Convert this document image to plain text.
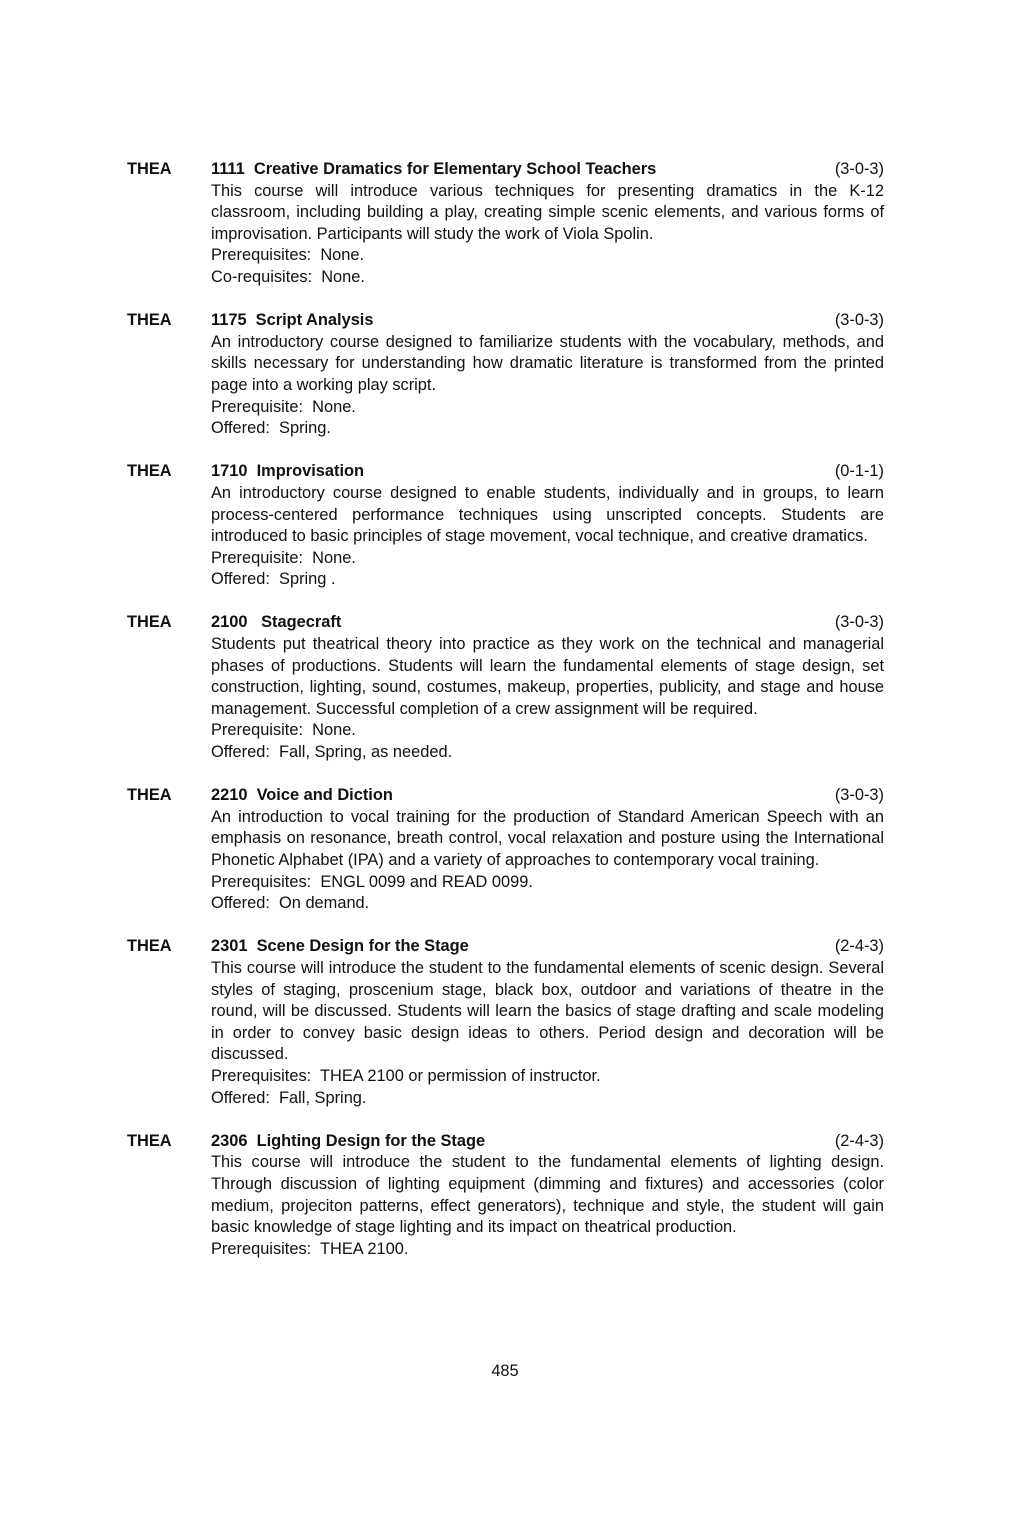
THEA 1111  Creative Dramatics for Elementary School Teachers	(3-0-3)

This course will introduce various techniques for presenting dramatics in the K-12 classroom, including building a play, creating simple scenic elements, and various forms of improvisation. Participants will study the work of Viola Spolin.

Prerequisites:  None.

Co-requisites:  None.

THEA 1175  Script Analysis	(3-0-3)

An introductory course designed to familiarize students with the vocabulary, methods, and skills necessary for understanding how dramatic literature is transformed from the printed page into a working play script.

Prerequisite:  None.

Offered:  Spring.

THEA 1710  Improvisation	(0-1-1)

An introductory course designed to enable students, individually and in groups, to learn process-centered performance techniques using unscripted concepts. Students are introduced to basic principles of stage movement, vocal technique, and creative dramatics.

Prerequisite:  None.

Offered:  Spring .

THEA 2100   Stagecraft	(3-0-3)

Students put theatrical theory into practice as they work on the technical and managerial phases of productions. Students will learn the fundamental elements of stage design, set construction, lighting, sound, costumes, makeup, properties, publicity, and stage and house management. Successful completion of a crew assignment will be required.

Prerequisite:  None.

Offered:  Fall, Spring, as needed.

THEA 2210  Voice and Diction	(3-0-3)

An introduction to vocal training for the production of Standard American Speech with an emphasis on resonance, breath control, vocal relaxation and posture using the International Phonetic Alphabet (IPA) and a variety of approaches to contemporary vocal training.

Prerequisites:  ENGL 0099 and READ 0099.

Offered:  On demand.

THEA 2301  Scene Design for the Stage	(2-4-3)

This course will introduce the student to the fundamental elements of scenic design. Several styles of staging, proscenium stage, black box, outdoor and variations of theatre in the round, will be discussed. Students will learn the basics of stage drafting and scale modeling in order to convey basic design ideas to others. Period design and decoration will be discussed.

Prerequisites:  THEA 2100 or permission of instructor.

Offered:  Fall, Spring.

THEA 2306  Lighting Design for the Stage	(2-4-3)

This course will introduce the student to the fundamental elements of lighting design. Through discussion of lighting equipment (dimming and fixtures) and accessories (color medium, projeciton patterns, effect generators), technique and style, the student will gain basic knowledge of stage lighting and its impact on theatrical production.

Prerequisites:  THEA 2100.

485
